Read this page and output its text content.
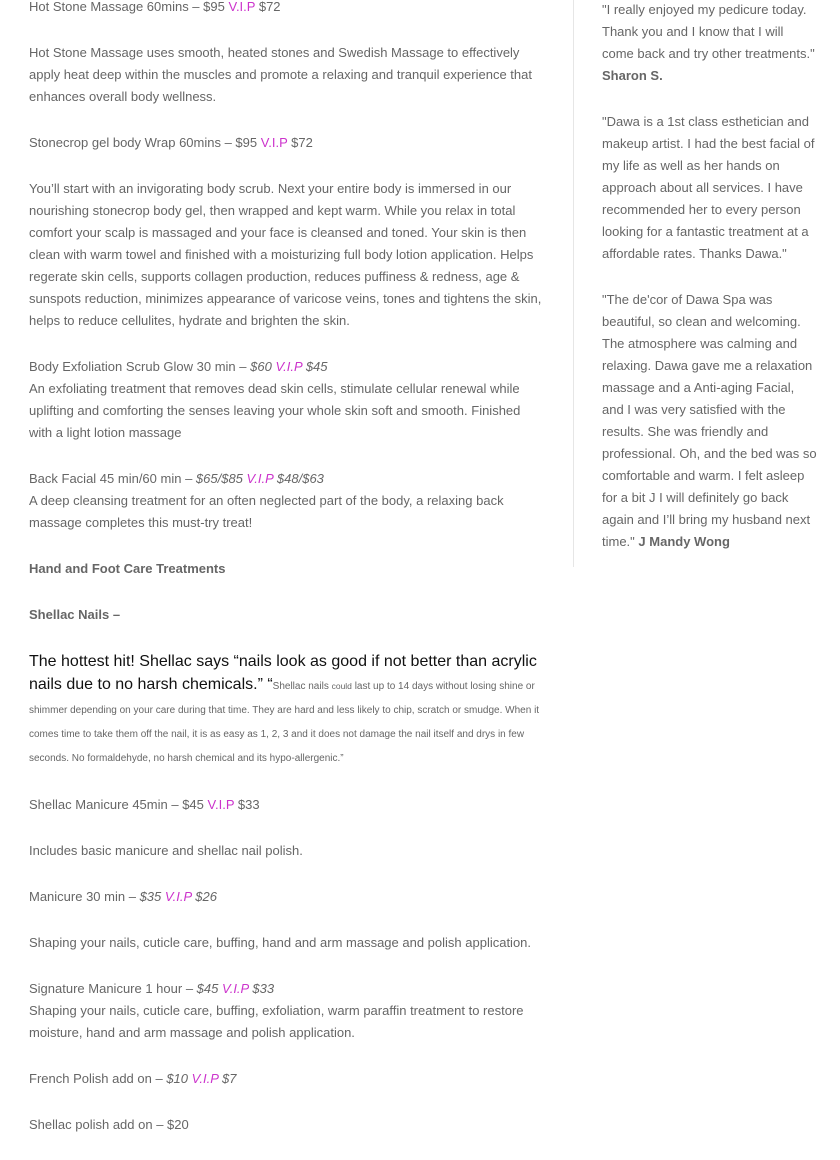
Hot Stone Massage 60mins – $95 V.I.P $72

Hot Stone Massage uses smooth, heated stones and Swedish Massage to effectively apply heat deep within the muscles and promote a relaxing and tranquil experience that enhances overall body wellness.

Stonecrop gel body Wrap 60mins – $95 V.I.P $72

You’ll start with an invigorating body scrub. Next your entire body is immersed in our nourishing stonecrop body gel, then wrapped and kept warm. While you relax in total comfort your scalp is massaged and your face is cleansed and toned. Your skin is then clean with warm towel and finished with a moisturizing full body lotion application. Helps regerate skin cells, supports collagen production, reduces puffiness & redness, age & sunspots reduction, minimizes appearance of varicose veins, tones and tightens the skin, helps to reduce cellulites, hydrate and brighten the skin.

Body Exfoliation Scrub Glow 30 min – $60 V.I.P $45
An exfoliating treatment that removes dead skin cells, stimulate cellular renewal while uplifting and comforting the senses leaving your whole skin soft and smooth. Finished with a light lotion massage

Back Facial 45 min/60 min – $65/$85 V.I.P $48/$63
A deep cleansing treatment for an often neglected part of the body, a relaxing back massage completes this must-try treat!

Hand and Foot Care Treatments

Shellac Nails –

The hottest hit! Shellac says “nails look as good if not better than acrylic nails due to no harsh chemicals.” “Shellac nails could last up to 14 days without losing shine or shimmer depending on your care during that time. They are hard and less likely to chip, scratch or smudge. When it comes time to take them off the nail, it is as easy as 1, 2, 3 and it does not damage the nail itself and drys in few seconds. No formaldehyde, no harsh chemical and its hypo-allergenic.”

Shellac Manicure 45min – $45 V.I.P $33

Includes basic manicure and shellac nail polish.

Manicure 30 min – $35 V.I.P $26

Shaping your nails, cuticle care, buffing, hand and arm massage and polish application.

Signature Manicure 1 hour – $45 V.I.P $33
Shaping your nails, cuticle care, buffing, exfoliation, warm paraffin treatment to restore moisture, hand and arm massage and polish application.

French Polish add on – $10 V.I.P $7

Shellac polish add on – $20

"I really enjoyed my pedicure today. Thank you and I know that I will come back and try other treatments."
Sharon S.

"Dawa is a 1st class esthetician and makeup artist. I had the best facial of my life as well as her hands on approach about all services. I have recommended her to every person looking for a fantastic treatment at a affordable rates. Thanks Dawa."

"The de'cor of Dawa Spa was beautiful, so clean and welcoming. The atmosphere was calming and relaxing. Dawa gave me a relaxation massage and a Anti-aging Facial, and I was very satisfied with the results. She was friendly and professional. Oh, and the bed was so comfortable and warm. I felt asleep for a bit J I will definitely go back again and I’ll bring my husband next time." J Mandy Wong
